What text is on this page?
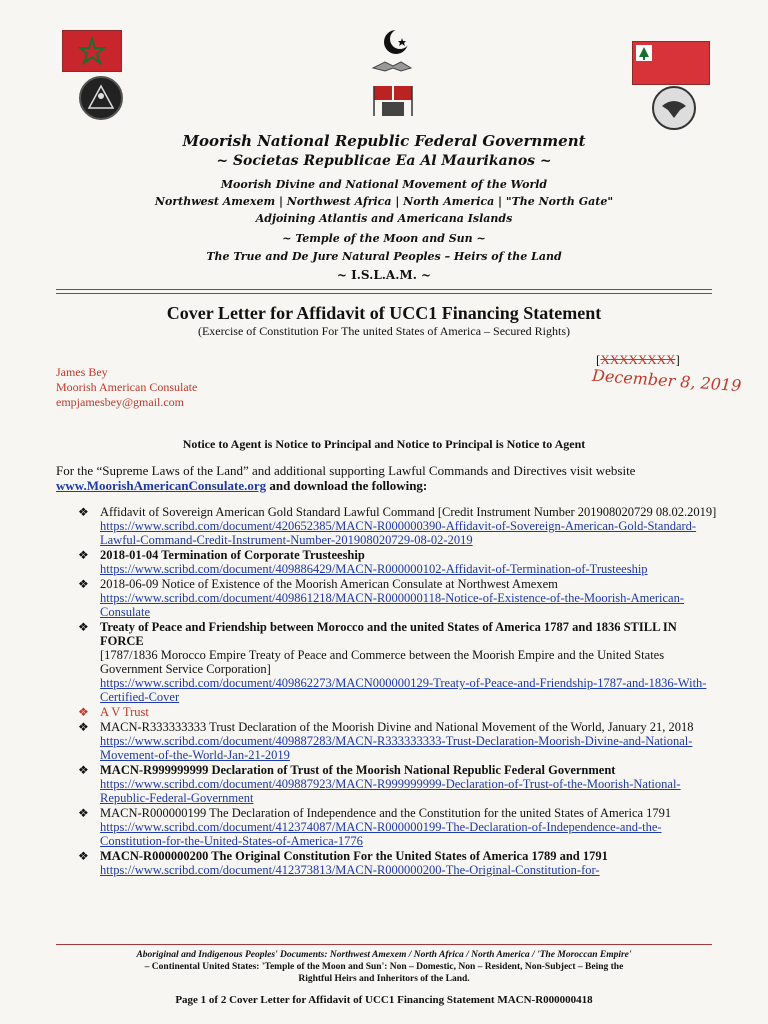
Moorish National Republic Federal Government
~ Societas Republicae Ea Al Maurikanos ~
Moorish Divine and National Movement of the World
Northwest Amexem | Northwest Africa | North America | "The North Gate"
Adjoining Atlantis and Americana Islands
~ Temple of the Moon and Sun ~
The True and De Jure Natural Peoples – Heirs of the Land
~ I.S.L.A.M. ~
Cover Letter for Affidavit of UCC1 Financing Statement
(Exercise of Constitution For The united States of America – Secured Rights)
James Bey
Moorish American Consulate
empjamesbey@gmail.com
[XXXXXXXX]
December 8, 2019
Notice to Agent is Notice to Principal and Notice to Principal is Notice to Agent
For the “Supreme Laws of the Land” and additional supporting Lawful Commands and Directives visit website www.MoorishAmericanConsulate.org and download the following:
❖ Affidavit of Sovereign American Gold Standard Lawful Command [Credit Instrument Number 201908020729 08.02.2019]
https://www.scribd.com/document/420652385/MACN-R000000390-Affidavit-of-Sovereign-American-Gold-Standard-Lawful-Command-Credit-Instrument-Number-201908020729-08-02-2019
❖ 2018-01-04 Termination of Corporate Trusteeship
https://www.scribd.com/document/409886429/MACN-R000000102-Affidavit-of-Termination-of-Trusteeship
❖ 2018-06-09 Notice of Existence of the Moorish American Consulate at Northwest Amexem
https://www.scribd.com/document/409861218/MACN-R000000118-Notice-of-Existence-of-the-Moorish-American-Consulate
❖ Treaty of Peace and Friendship between Morocco and the united States of America 1787 and 1836 STILL IN FORCE
[1787/1836 Morocco Empire Treaty of Peace and Commerce between the Moorish Empire and the United States Government Service Corporation]
https://www.scribd.com/document/409862273/MACN000000129-Treaty-of-Peace-and-Friendship-1787-and-1836-With-Certified-Cover
❖ A V Trust
❖ MACN-R333333333 Trust Declaration of the Moorish Divine and National Movement of the World, January 21, 2018
https://www.scribd.com/document/409887283/MACN-R333333333-Trust-Declaration-Moorish-Divine-and-National-Movement-of-the-World-Jan-21-2019
❖ MACN-R999999999 Declaration of Trust of the Moorish National Republic Federal Government
https://www.scribd.com/document/409887923/MACN-R999999999-Declaration-of-Trust-of-the-Moorish-National-Republic-Federal-Government
❖ MACN-R000000199 The Declaration of Independence and the Constitution for the united States of America 1791
https://www.scribd.com/document/412374087/MACN-R000000199-The-Declaration-of-Independence-and-the-Constitution-for-the-United-States-of-America-1776
❖ MACN-R000000200 The Original Constitution For the United States of America 1789 and 1791
https://www.scribd.com/document/412373813/MACN-R000000200-The-Original-Constitution-for-
Aboriginal and Indigenous Peoples' Documents: Northwest Amexem / North Africa / North America / 'The Moroccan Empire'
– Continental United States: 'Temple of the Moon and Sun': Non – Domestic, Non – Resident, Non-Subject – Being the
Rightful Heirs and Inheritors of the Land.
Page 1 of 2 Cover Letter for Affidavit of UCC1 Financing Statement MACN-R000000418
